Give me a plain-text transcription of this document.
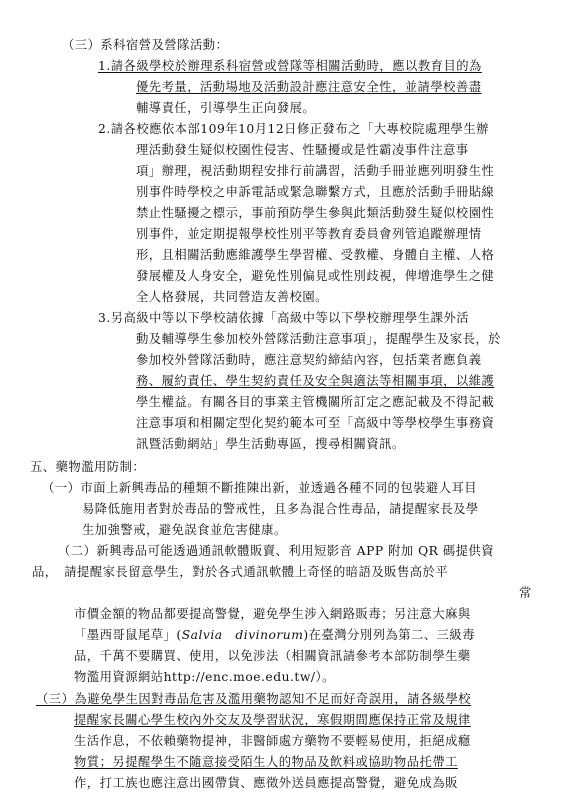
（三）系科宿營及營隊活動：
1.請各級學校於辦理系科宿營或營隊等相關活動時，應以教育目的為
優先考量，活動場地及活動設計應注意安全性，並請學校善盡
輔導責任，引導學生正向發展。
2.請各校應依本部109年10月12日修正發布之「大專校院處理學生辦
理活動發生疑似校園性侵害、性騷擾或是性霸凌事件注意事
項」辦理，視活動期程安排行前講習，活動手冊並應列明發生性
別事件時學校之申訴電話或緊急聯繫方式，且應於活動手冊貼線
禁止性騷擾之標示，事前預防學生參與此類活動發生疑似校園性
別事件，並定期提報學校性別平等教育委員會列管追蹤辦理情
形，且相關活動應維護學生學習權、受教權、身體自主權、人格
發展權及人身安全，避免性別偏見或性別歧視，俾增進學生之健
全人格發展，共同營造友善校園。
3.另高級中等以下學校請依據「高級中等以下學校辦理學生課外活
動及輔導學生參加校外營隊活動注意事項」，提醒學生及家長，於
參加校外營隊活動時，應注意契約締結內容，包括業者應負義
務、履約責任、學生契約責任及安全與適法等相關事項，以維護
學生權益。有關各目的事業主管機關所訂定之應記載及不得記載
注意事項和相關定型化契約範本可至「高級中等學校學生事務資
訊暨活動網站」學生活動專區，搜尋相關資訊。
五、藥物濫用防制：
（一）市面上新興毒品的種類不斷推陳出新，並透過各種不同的包裝避人耳目
易降低施用者對於毒品的警戒性，且多為混合性毒品，請提醒家長及學
生加強警戒，避免誤食並危害健康。
（二）新興毒品可能透過通訊軟體販賣、利用短影音 APP 附加 QR 碼提供資
品，　請提醒家長留意學生，對於各式通訊軟體上奇怪的暗語及販售高於平
常
市價金額的物品都要提高警覺，避免學生涉入網路販毒；另注意大麻與
「墨西哥鼠尾草」(Salvia　divinorum)在臺灣分別列為第二、三級毒
品，千萬不要購買、使用，以免涉法（相關資訊請參考本部防制學生藥
物濫用資源網站http://enc.moe.edu.tw/）。
（三）為避免學生因對毒品危害及濫用藥物認知不足而好奇誤用，請各級學校
提醒家長關心學生校內外交友及學習狀況，寒假期間應保持正常及規律
生活作息，不依賴藥物提神，非醫師處方藥物不要輕易使用，拒絕成癮
物質；另提醒學生不隨意接受陌生人的物品及飲料或協助物品托帶工
作，打工族也應注意出國帶貨、應徵外送員應提高警覺，避免成為販
